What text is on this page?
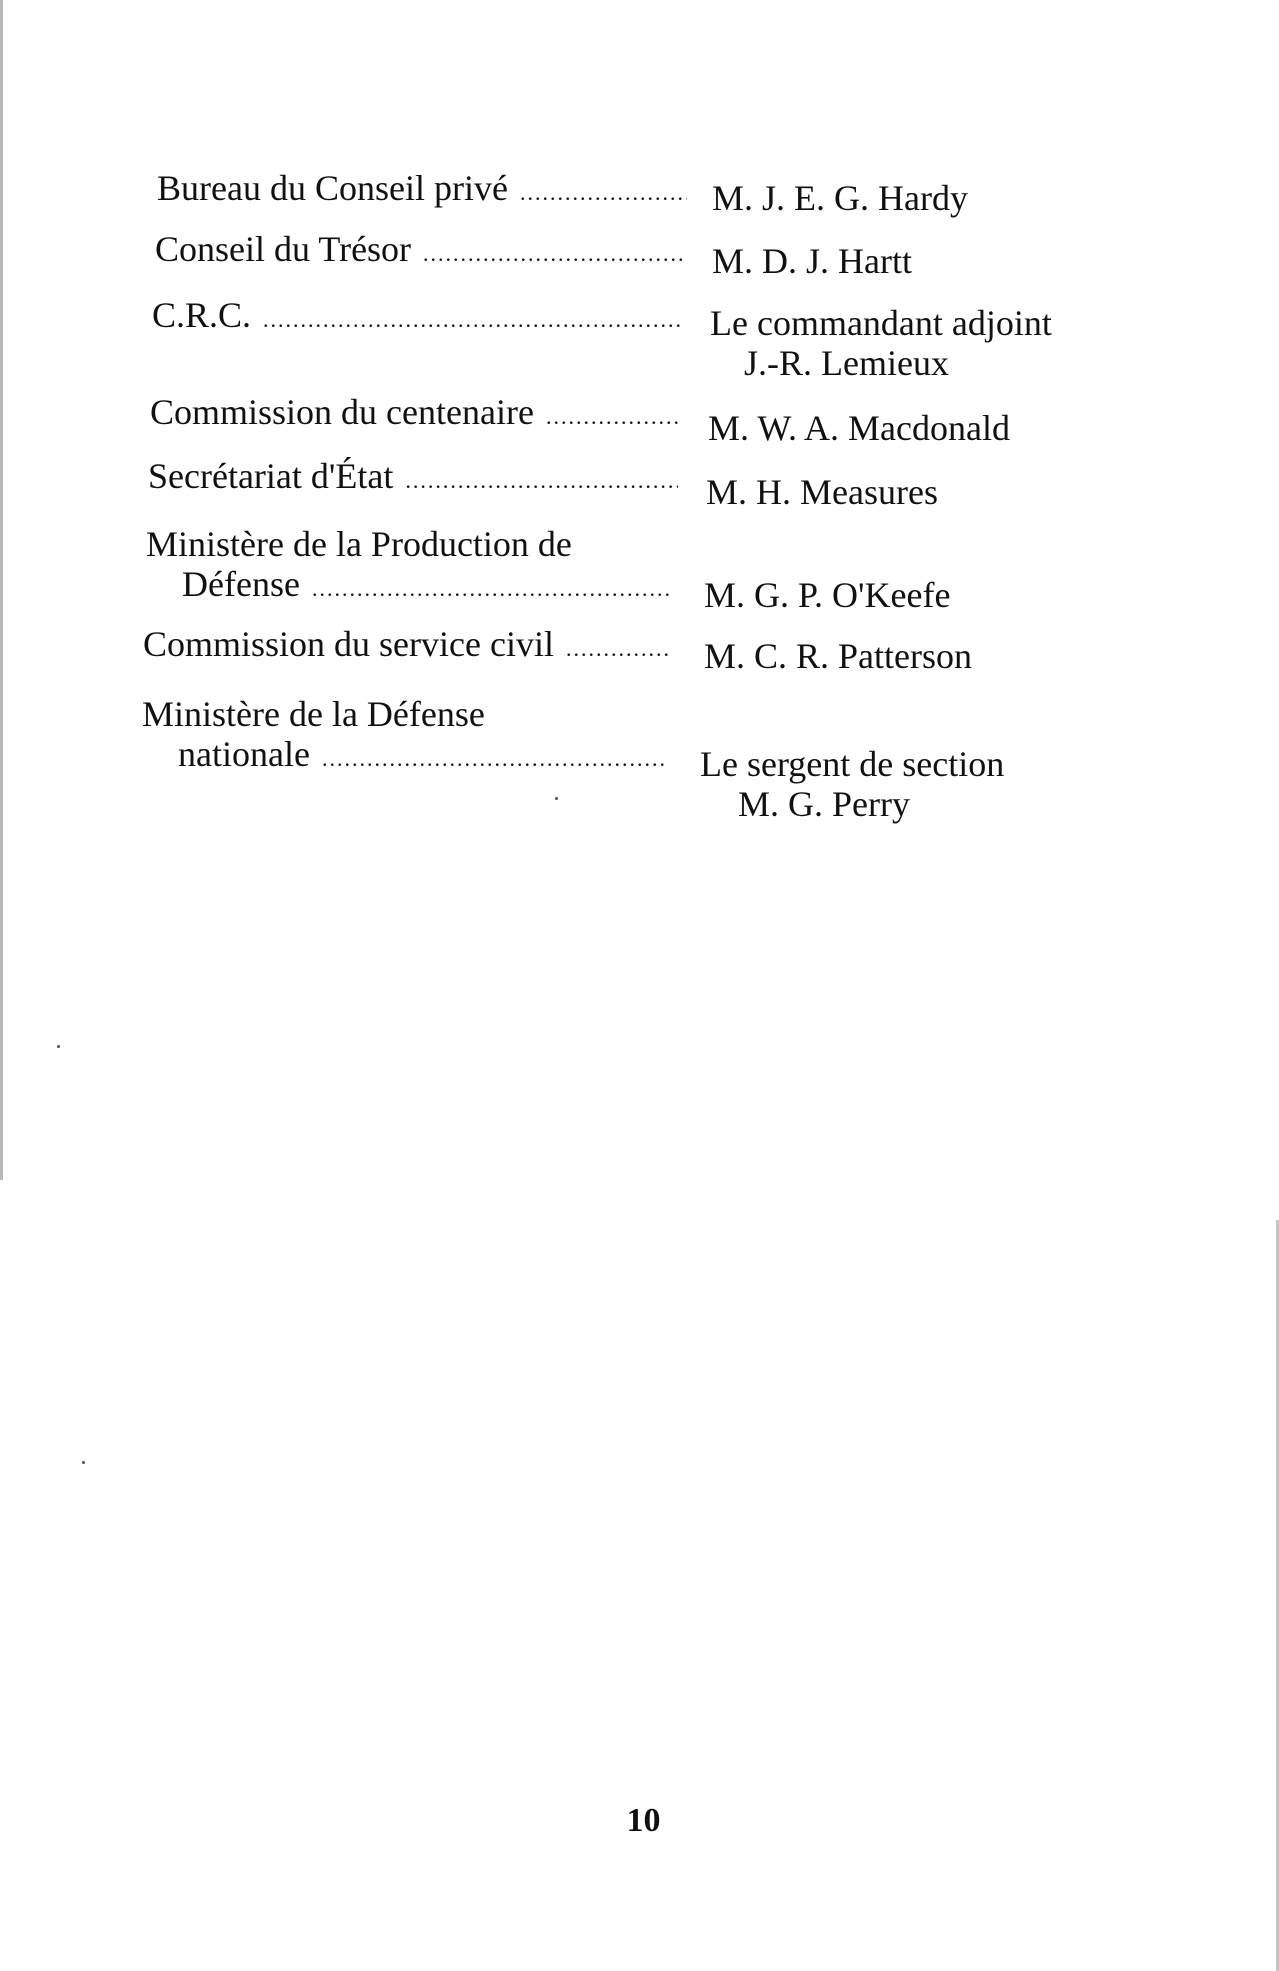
Bureau du Conseil privé .....	M. J. E. G. Hardy
Conseil du Trésor .....	M. D. J. Hartt
C.R.C. .....	Le commandant adjoint
J.-R. Lemieux
Commission du centenaire .....	M. W. A. Macdonald
Secrétariat d'État .....	M. H. Measures
Ministère de la Production de
Défense .....	M. G. P. O'Keefe
Commission du service civil .....	M. C. R. Patterson
Ministère de la Défense
nationale .....	Le sergent de section
M. G. Perry
10
